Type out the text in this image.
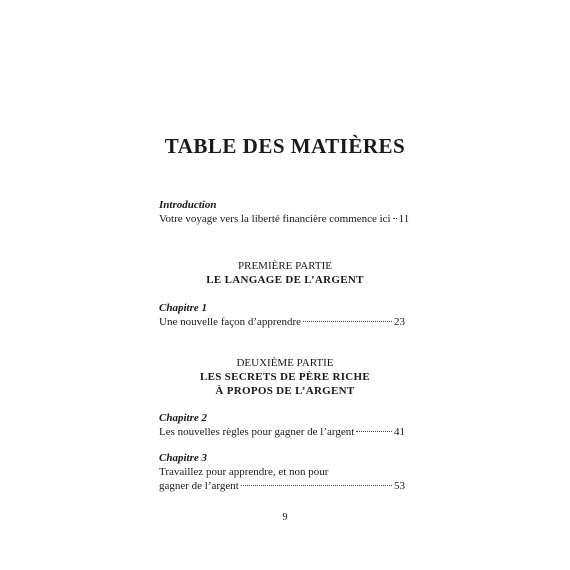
TABLE DES MATIÈRES
Introduction
Votre voyage vers la liberté financière commence ici 11
PREMIÈRE PARTIE
LE LANGAGE DE L’ARGENT
Chapitre 1
Une nouvelle façon d’apprendre	23
DEUXIÈME PARTIE
LES SECRETS DE PÈRE RICHE
À PROPOS DE L’ARGENT
Chapitre 2
Les nouvelles règles pour gagner de l’argent	41
Chapitre 3
Travaillez pour apprendre, et non pour
gagner de l’argent	53
9
